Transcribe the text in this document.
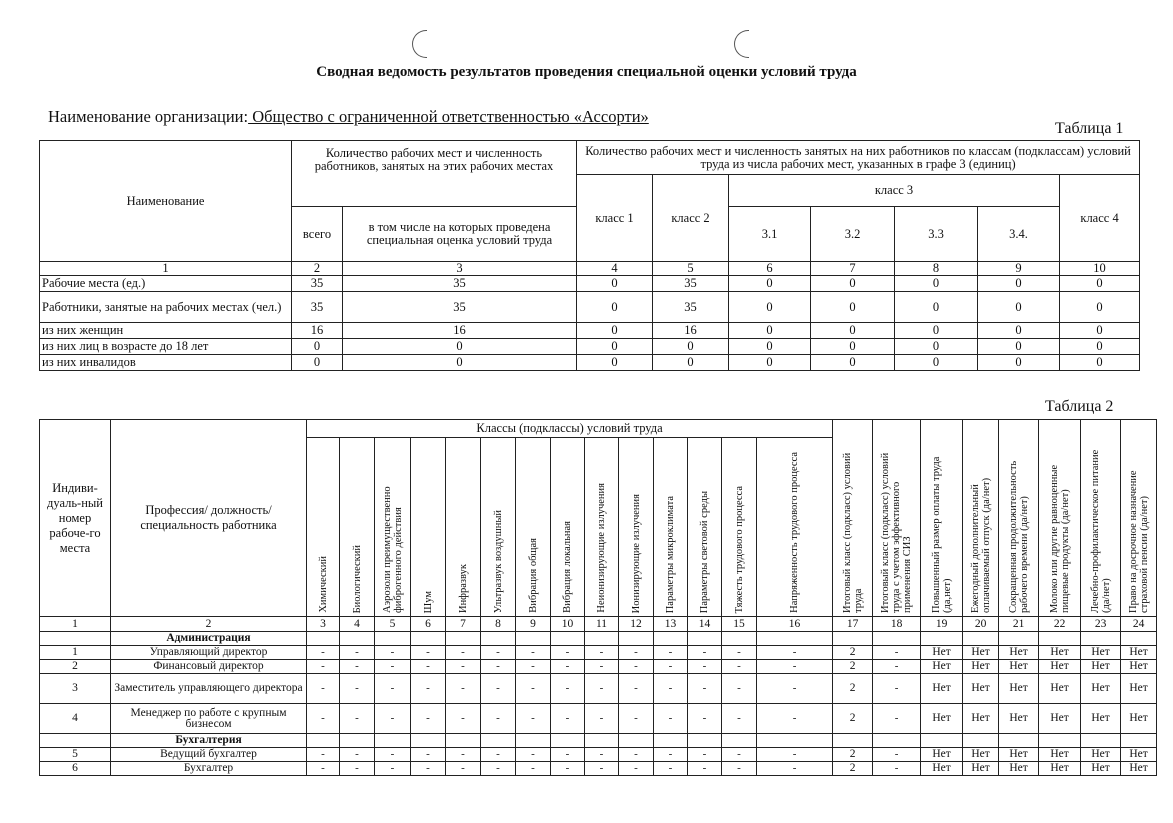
Сводная ведомость результатов проведения специальной оценки условий труда
Наименование организации: Общество с ограниченной ответственностью «Ассорти»
Таблица 1
Наименование	Количество рабочих мест и численность работников, занятых на этих рабочих местах		Количество рабочих мест и численность занятых на них работников по классам (подклассам) условий труда из числа рабочих мест, указанных в графе 3 (единиц)						
			класс 1	класс 2	класс 3				класс 4
	всего	в том числе на которых проведена специальная оценка условий труда			3.1	3.2	3.3	3.4.	
1	2	3	4	5	6	7	8	9	10
Рабочие места (ед.)	35	35	0	35	0	0	0	0	0
Работники, занятые на рабочих местах (чел.)	35	35	0	35	0	0	0	0	0
из них женщин	16	16	0	16	0	0	0	0	0
из них лиц в возрасте до 18 лет	0	0	0	0	0	0	0	0	0
из них инвалидов	0	0	0	0	0	0	0	0	0
Таблица 2
Индиви-дуаль-ный номер рабоче-го места	Профессия/ должность/ специальность работника	Классы (подклассы) условий труда														Итоговый класс (подкласс) условий труда	Итоговый класс (подкласс) условий труда с учетом эффективного применения СИЗ	Повышенный размер оплаты труда (да,нет)	Ежегодный дополнительный оплачиваемый отпуск (да/нет)	Сокращенная продолжительность рабочего времени (да/нет)	Молоко или другие равноценные пищевые продукты (да/нет)	Лечебно-профилактическое питание (да/нет)	Право на досрочное назначение страховой пенсии (да/нет)

		Химический	Биологический	Аэрозоли преимущественно фиброгенного действия	Шум	Инфразвук	Ультразвук воздушный	Вибрация общая	Вибрация локальная	Неионизирующие излучения	Ионизирующие излучения	Параметры микроклимата	Параметры световой среды	Тяжесть трудового процесса	Напряженность трудового процесса								

1	2	3	4	5	6	7	8	9	10	11	12	13	14	15	16	17	18	19	20	21	22	23	24
	Администрация																						
1	Управляющий директор	-	-	-	-	-	-	-	-	-	-	-	-	-	-	2	-	Нет	Нет	Нет	Нет	Нет	Нет
2	Финансовый директор	-	-	-	-	-	-	-	-	-	-	-	-	-	-	2	-	Нет	Нет	Нет	Нет	Нет	Нет
3	Заместитель управляющего директора	-	-	-	-	-	-	-	-	-	-	-	-	-	-	2	-	Нет	Нет	Нет	Нет	Нет	Нет
4	Менеджер по работе с крупным бизнесом	-	-	-	-	-	-	-	-	-	-	-	-	-	-	2	-	Нет	Нет	Нет	Нет	Нет	Нет
	Бухгалтерия																						
5	Ведущий бухгалтер	-	-	-	-	-	-	-	-	-	-	-	-	-	-	2	-	Нет	Нет	Нет	Нет	Нет	Нет
6	Бухгалтер	-	-	-	-	-	-	-	-	-	-	-	-	-	-	2	-	Нет	Нет	Нет	Нет	Нет	Нет
